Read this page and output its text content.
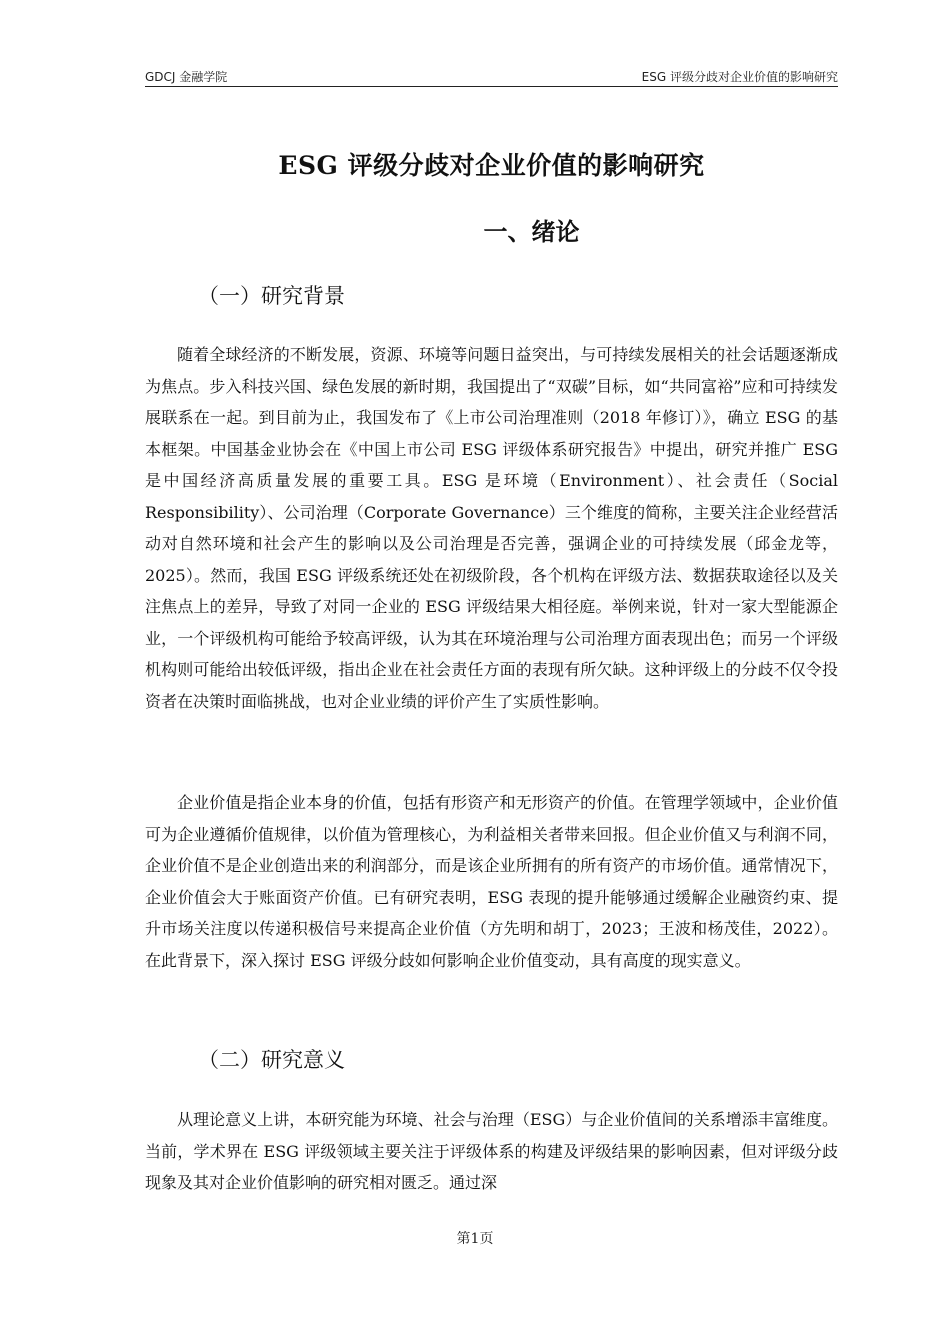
GDCJ 金融学院	ESG 评级分歧对企业价值的影响研究
ESG 评级分歧对企业价值的影响研究
一、绪论
（一）研究背景

随着全球经济的不断发展，资源、环境等问题日益突出，与可持续发展相关的社会话题逐渐成为焦点。步入科技兴国、绿色发展的新时期，我国提出了“双碳”目标，如“共同富裕”应和可持续发展联系在一起。到目前为止，我国发布了《上市公司治理准则（2018 年修订）》，确立 ESG 的基本框架。中国基金业协会在《中国上市公司 ESG 评级体系研究报告》中提出，研究并推广 ESG 是中国经济高质量发展的重要工具。ESG 是环境（Environment）、社会责任（Social Responsibility）、公司治理（Corporate Governance）三个维度的简称，主要关注企业经营活动对自然环境和社会产生的影响以及公司治理是否完善，强调企业的可持续发展（邱金龙等，2025）。然而，我国 ESG 评级系统还处在初级阶段，各个机构在评级方法、数据获取途径以及关注焦点上的差异，导致了对同一企业的 ESG 评级结果大相径庭。举例来说，针对一家大型能源企业，一个评级机构可能给予较高评级，认为其在环境治理与公司治理方面表现出色；而另一个评级机构则可能给出较低评级，指出企业在社会责任方面的表现有所欠缺。这种评级上的分歧不仅令投资者在决策时面临挑战，也对企业业绩的评价产生了实质性影响。

企业价值是指企业本身的价值，包括有形资产和无形资产的价值。在管理学领域中，企业价值可为企业遵循价值规律，以价值为管理核心，为利益相关者带来回报。但企业价值又与利润不同，企业价值不是企业创造出来的利润部分，而是该企业所拥有的所有资产的市场价值。通常情况下，企业价值会大于账面资产价值。已有研究表明，ESG 表现的提升能够通过缓解企业融资约束、提升市场关注度以传递积极信号来提高企业价值（方先明和胡丁，2023；王波和杨茂佳，2022）。在此背景下，深入探讨 ESG 评级分歧如何影响企业价值变动，具有高度的现实意义。

（二）研究意义

从理论意义上讲，本研究能为环境、社会与治理（ESG）与企业价值间的关系增添丰富维度。当前，学术界在 ESG 评级领域主要关注于评级体系的构建及评级结果的影响因素，但对评级分歧现象及其对企业价值影响的研究相对匮乏。通过深

第1页
